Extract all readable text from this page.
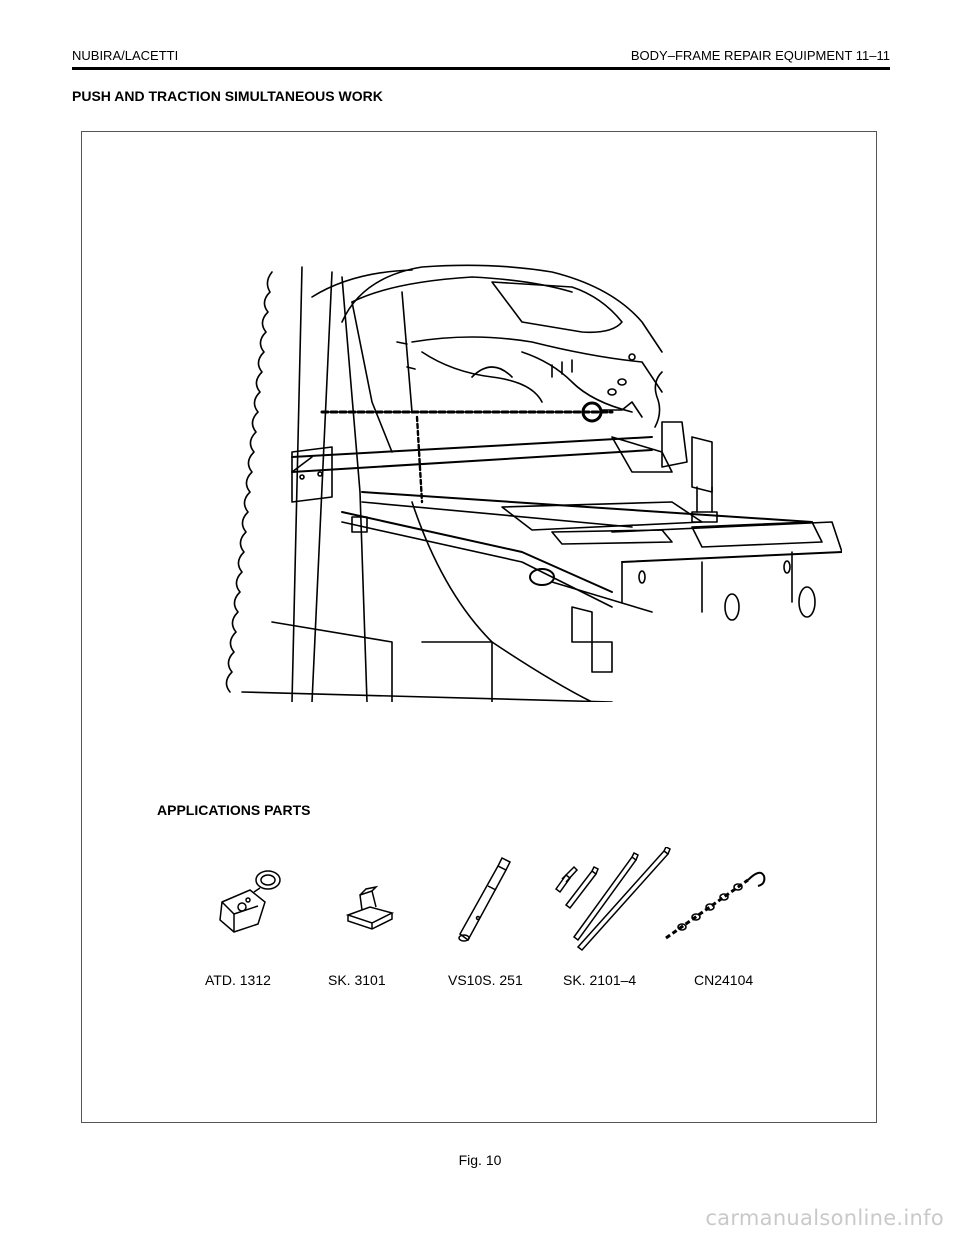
NUBIRA/LACETTI	BODY–FRAME REPAIR EQUIPMENT 11–11
PUSH AND TRACTION SIMULTANEOUS WORK
APPLICATIONS PARTS
ATD. 1312	SK. 3101	VS10S. 251	SK. 2101–4	CN24104
Fig. 10
carmanualsonline.info
